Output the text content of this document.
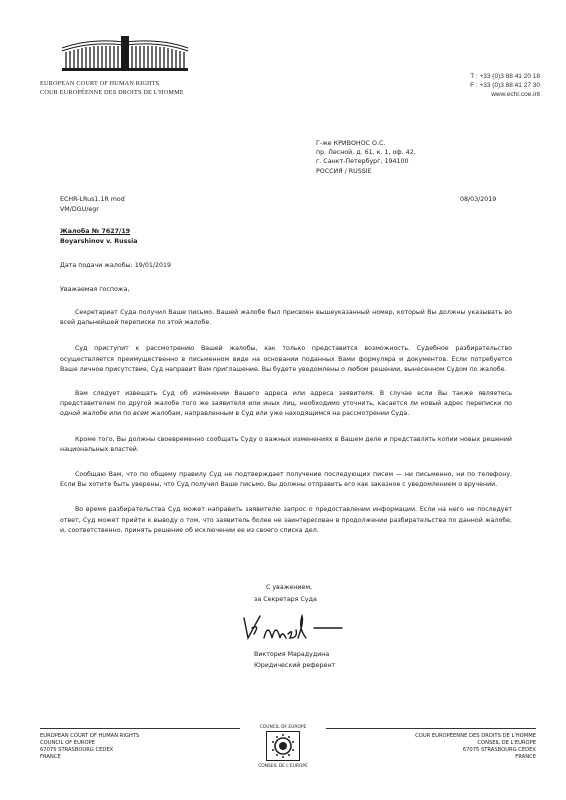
EUROPEAN COURT OF HUMAN RIGHTS
COUR EUROPÉENNE DES DROITS DE L'HOMME
T : +33 (0)3 88 41 20 18
F : +33 (0)3 88 41 27 30
www.echr.coe.int
Г-же КРИВОНОС О.С.
пр. Лесной, д. 61, к. 1, оф. 42,
г. Санкт-Петербург, 194100
РОССИЯ / RUSSIE
ECHR-LRus1.1R mod
VM/DGU/egr
08/03/2019
Жалоба № 7627/19
Boyarshinov v. Russia
Дата подачи жалобы: 19/01/2019
Уважаемая госпожа,

Секретариат Суда получил Ваше письмо. Вашей жалобе был присвоен вышеуказанный номер, который Вы должны указывать во всей дальнейшей переписке по этой жалобе.

Суд приступит к рассмотрению Вашей жалобы, как только представится возможность. Судебное разбирательство осуществляется преимущественно в письменном виде на основании поданных Вами формуляра и документов. Если потребуется Ваше личное присутствие, Суд направит Вам приглашение. Вы будете уведомлены о любом решении, вынесенном Судом по жалобе.

Вам следует извещать Суд об изменении Вашего адреса или адреса заявителя. В случае если Вы также являетесь представителем по другой жалобе того же заявителя или иных лиц, необходимо уточнить, касается ли новый адрес переписки по одной жалобе или по всем жалобам, направленным в Суд или уже находящимся на рассмотрении Суда.

Кроме того, Вы должны своевременно сообщать Суду о важных изменениях в Вашем деле и представлять копии новых решений национальных властей.

Сообщаю Вам, что по общему правилу Суд не подтверждает получение последующих писем — ни письменно, ни по телефону. Если Вы хотите быть уверены, что Суд получил Ваше письмо, Вы должны отправить его как заказное с уведомлением о вручении.

Во время разбирательства Суд может направить заявителю запрос о предоставлении информации. Если на него не последует ответ, Суд может прийти к выводу о том, что заявитель более не заинтересован в продолжении разбирательства по данной жалобе, и, соответственно, принять решение об исключении ее из своего списка дел.

С уважением,
за Секретаря Суда
Виктория Марадудина
Юридический референт
EUROPEAN COURT OF HUMAN RIGHTS
COUNCIL OF EUROPE
67075 STRASBOURG CEDEX
FRANCE
COUNCIL OF EUROPE
CONSEIL DE L'EUROPE
COUR EUROPÉENNE DES DROITS DE L'HOMME
CONSEIL DE L'EUROPE
67075 STRASBOURG CEDEX
FRANCE
